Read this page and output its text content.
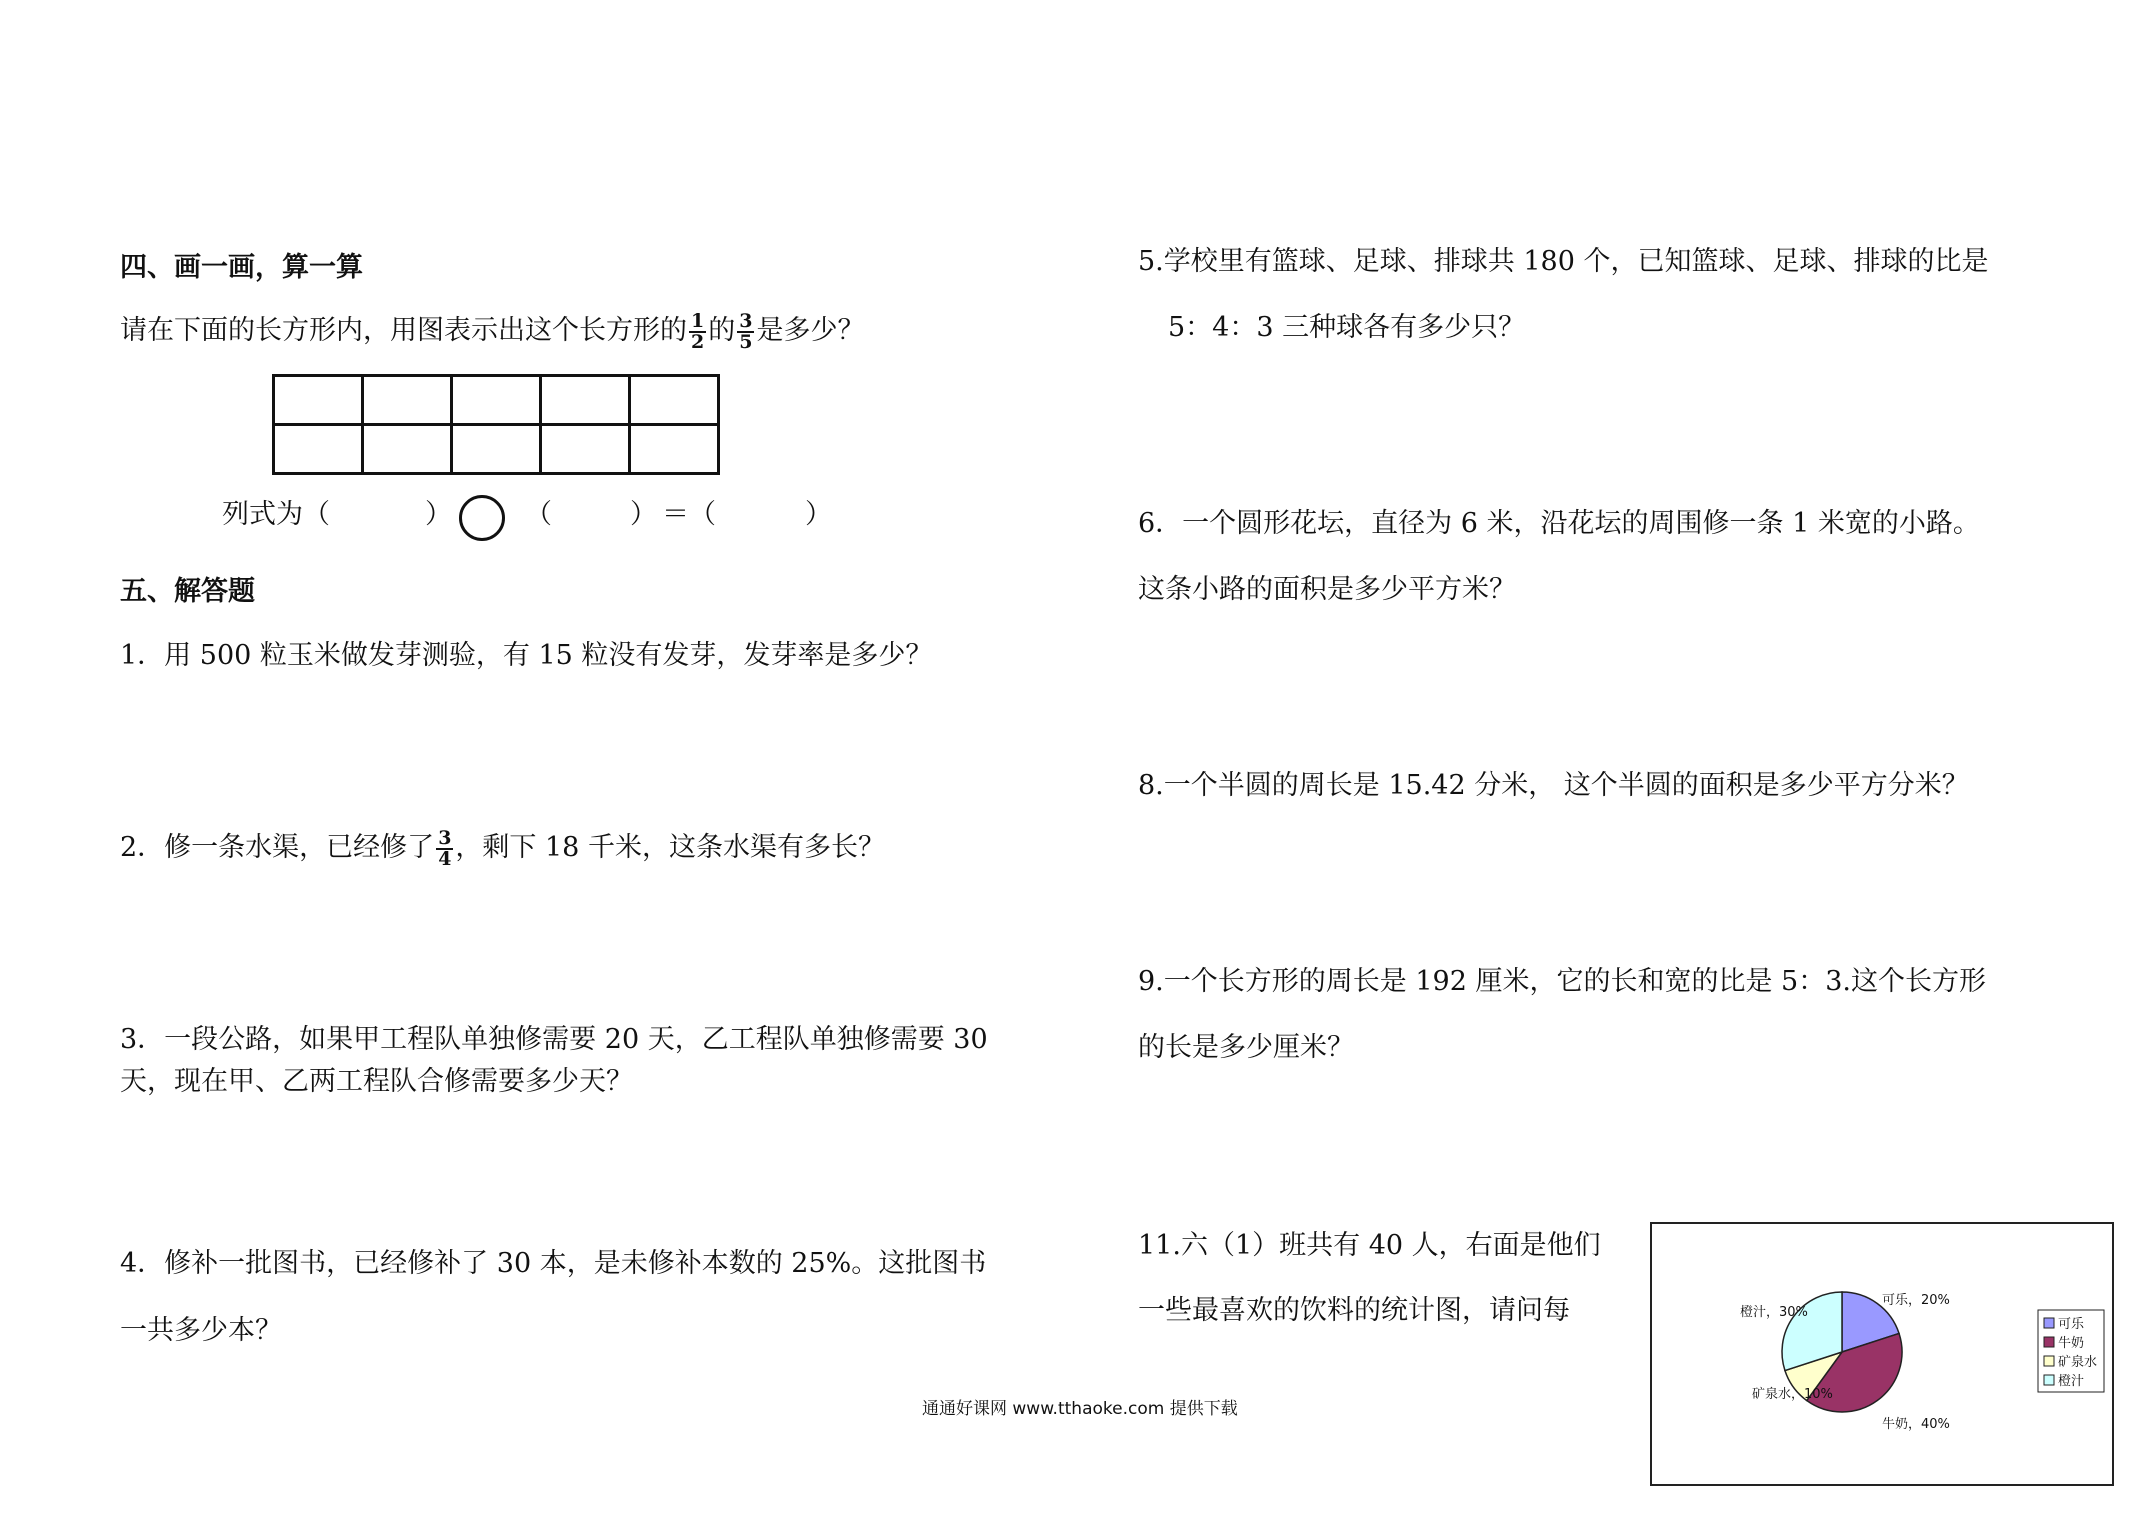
四、画一画，算一算
请在下面的长方形内，用图表示出这个长方形的 $\frac{1}{2}$ 的 $\frac{3}{5}$ 是多少？

列式为（	）	（	） ＝（	）
五、解答题
1．用 500 粒玉米做发芽测验，有 15 粒没有发芽，发芽率是多少？
2．修一条水渠，已经修了 $\frac{3}{4}$ ，剩下 18 千米，这条水渠有多长？
3．一段公路，如果甲工程队单独修需要 20 天，乙工程队单独修需要 30
天，现在甲、乙两工程队合修需要多少天？
4．修补一批图书，已经修补了 30 本，是未修补本数的 25%。这批图书
一共多少本？
5.学校里有篮球、足球、排球共 180 个，已知篮球、足球、排球的比是
5：4：3 三种球各有多少只？
6．一个圆形花坛，直径为 6 米，沿花坛的周围修一条 1 米宽的小路。
这条小路的面积是多少平方米？
8.一个半圆的周长是 15.42 分米， 这个半圆的面积是多少平方分米？
9.一个长方形的周长是 192 厘米，它的长和宽的比是 5：3.这个长方形
的长是多少厘米？
11.六（1）班共有 40 人，右面是他们
一些最喜欢的饮料的统计图，请问每	可乐，20%
牛奶，40%
矿泉水，10%
橙汁，30%
可乐
牛奶
矿泉水
橙汁
通通好课网 www.tthaoke.com 提供下载
